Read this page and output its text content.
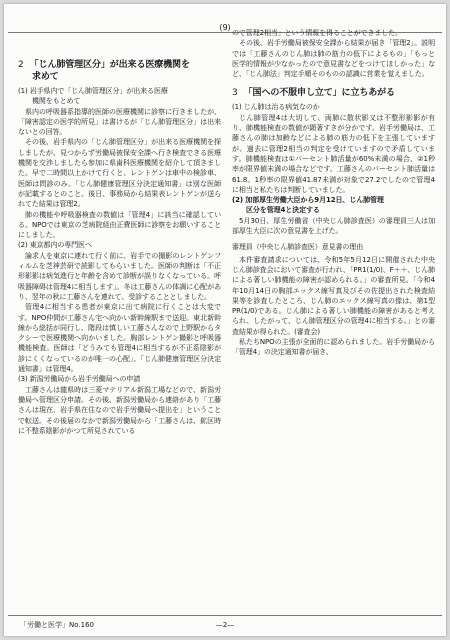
(9)
2 「じん肺管理区分」が出来る医療機関を
求めて

(1) 岩手県内で「じん肺管理区分」が出来る医療

機関をもとめて

県内の呼吸器系指導的医師の医療機関に診察に行きましたが、「障害認定の医学的所見」は書けるが「じん肺管理区分」は出来ないとの回答。

その後、岩手県内の「じん肺管理区分」が出来る医療機関を探しましたが、見つからず労働局被保安全課へ行き検査できる医療機関を交渉しましたら参加に県歯科医療機関を紹介して頂きました。早で二時間以上かけて行くと、レントゲンは車中の検診車、医師は問診のみ。「じん肺健康管理区分決定通知書」は別な医師が記載するとのこと。後日、事務局から結果表レントゲンが送られてた結果は管理2。

肺の機能や呼吸器検査の数値は「管理4」に該当に確認している。NPOでは東京の芝病院経由正費医師に診察をお願いすることにしました。

(2) 東京都内の専門医へ

論求人を東京に連れて行く前に、岩手での撮影のレントゲンフィルムを芝神芸研で読影してもらいました。医師の判断は「不正形影影は病気進行と年齢を含めて診断が誤りなくなっている。呼吸器障碍は管理4に相当します」。冬は工藤さんの体調に心配があり、翌年の秋に工藤さんを連れて、受診することとしました。

管理4に相当する患者が東京に出て病院に行くことは大変です。NPO仲間が工藤さん宅へ向かい新幹線駅まで送迎。東北新幹線から総括が同行し、階段は慎しい工藤さんなので上野駅からタクシーで医療機関へ向かいました。胸部レントゲン撮影と呼吸器機能検査。医師は「どうみても管理4に相当するが不正系陰影が診にくくなっているのが唯一の心配」、「じん肺健康管理区分決定通知書」は管理4。

(3) 新潟労働局から岩手労働局への申請

工藤さんは龍県時は三菱マテリアル新潟工場などので、新潟労働局へ管理区分申請。その後、新潟労働局から連絡があり「工藤さんは現在、岩手県在住なので岩手労働局へ提出を」ということで転送。その後届のなかで新潟労働局から「工藤さんは、鉱区時に不整系陰影がかつて所見されている

ので管理2相当」という情報を得ることができました。

その後、岩手労働局被保安全課から結果が届き「管理2」。説明では「工藤さんのじん肺は肺の筋力の低下によるもの」「もっと医学的情報が少なかったので意見書などをつけてほしかった」など、「じん肺法」判定手順そのものの認識に営業を覚えました。

3 「国への不服申し立て」に立ちあがる

(1) じん肺は治る病気なのか

じん肺管理4は大切して、両肺に散状影又は不整形影影が有り、肺機能検査の数値が顕著すきが分かです。岩手労働局は、工藤さんの肺は加齢などによる肺の筋力の低下を主張していますが、過去に管理2相当の判定を受けていますので矛盾しています。肺機能検査は①パーセント肺活量が60%未満の場合、②1秒率が限界値未満の場合などです。工藤さんのパーセント肺活量は61.8。1秒率の限界値41.87未満が対象で27.2でしたので管理4に相当と私たちは判断していました。

(2) 加部厚生労働大臣から9月12日、じん肺管理

区分を管理4と決定する

5月30日、厚生労働省（中央じん肺診査医）の審理員三人は加部厚生大臣に次の意見書を上げた。

審理員（中央じん肺診査医）意見書の理由

本件審査請求については、令和5年5月12日に開催された中央じん肺診査会において審査が行われ、「PR1(1/0)、F＋＋、じん肺による著しい肺機能の障害が認められる。」の審査所見。「今和4年10月14日の胸部エックス線写真及びその佐提出された検査結果等を診査したところ、じん肺のエックス線写真の像は、第1型PR(1/0)である。じん肺による著しい肺機能の障害があると考えられ、したがって、じん肺管理区分の管理4に相当する。」との審査結果が得られた。(審査会)

私たちNPOの主張が全面的に認められました。岩手労働局から「管理4」の決定通知書が届き、

「労働と医学」No.160	—2—
